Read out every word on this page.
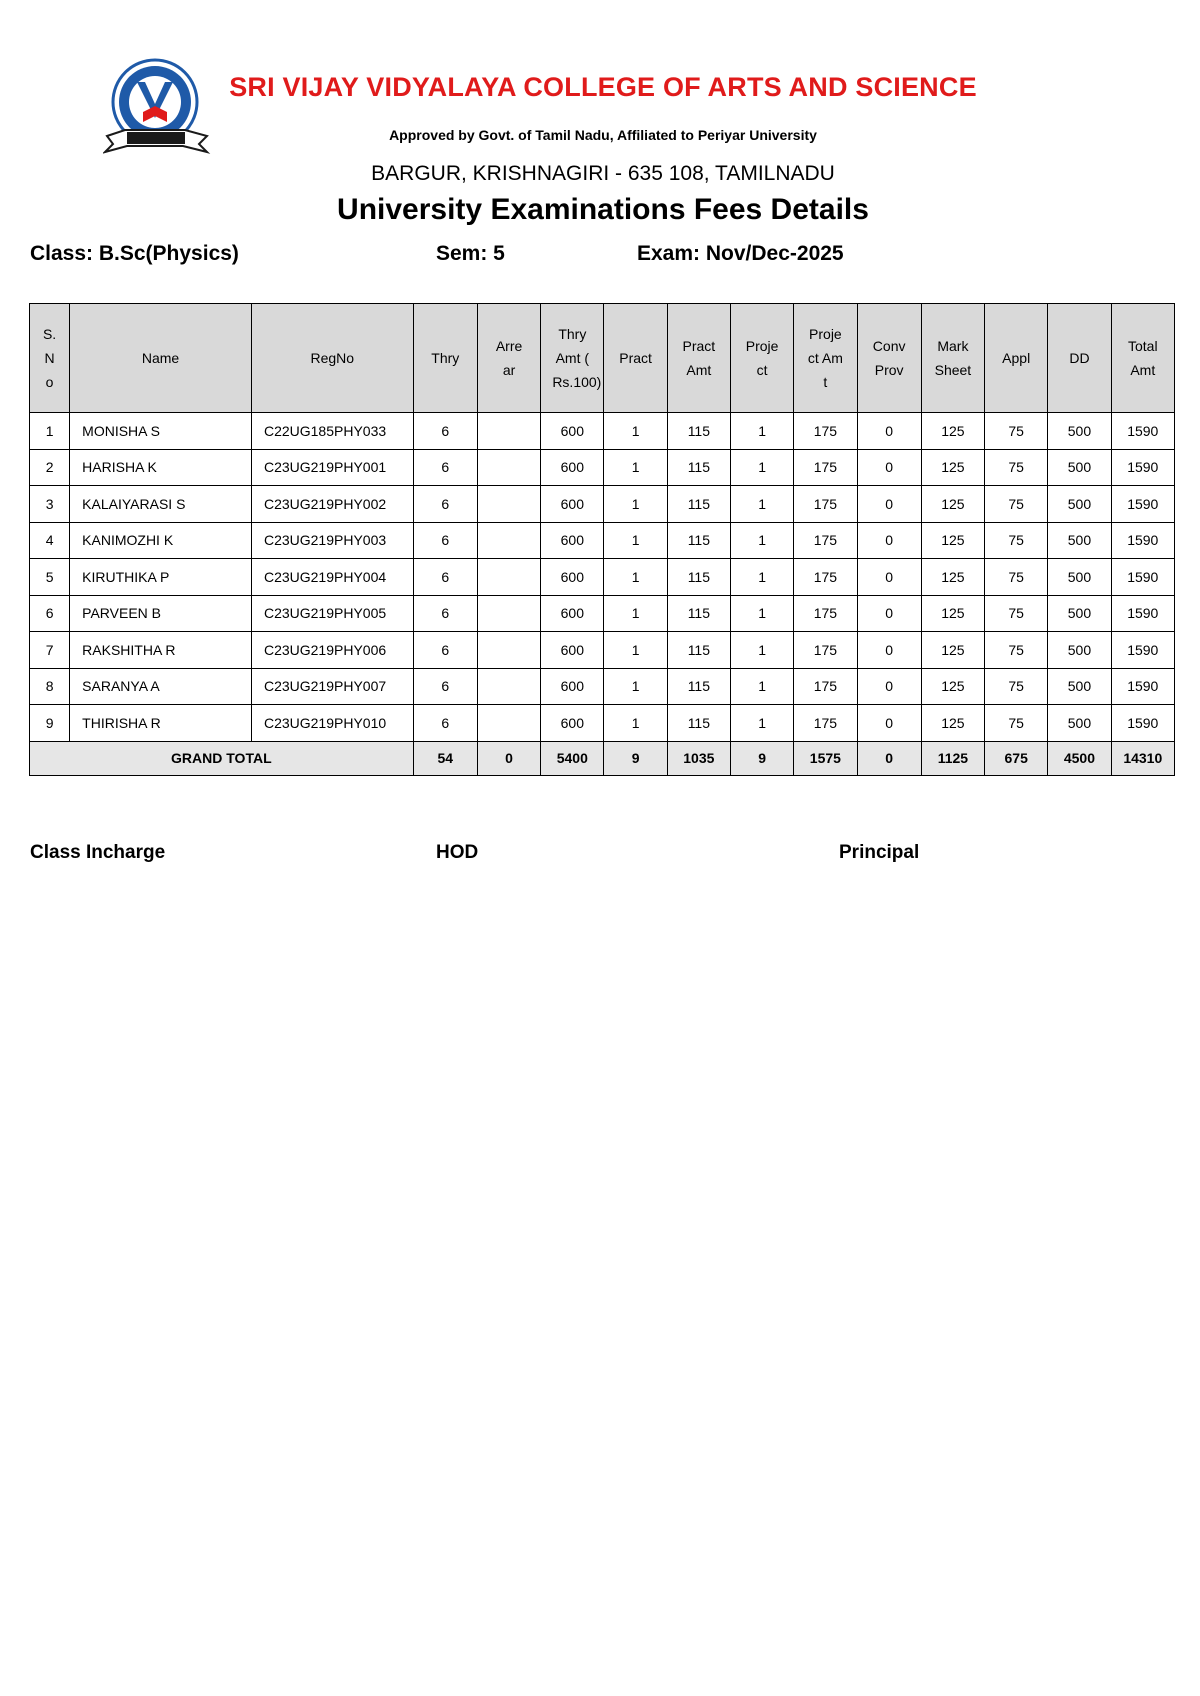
SRI VIJAY VIDYALAYA COLLEGE OF ARTS AND SCIENCE
Approved by Govt. of Tamil Nadu, Affiliated to Periyar University
BARGUR, KRISHNAGIRI - 635 108, TAMILNADU
University Examinations Fees Details
Class: B.Sc(Physics)	Sem: 5	Exam: Nov/Dec-2025
S.No	Name	RegNo	Thry	Arrear	Thry Amt ( Rs.100)	Pract	Pract Amt	Project	Project Amt	Conv Prov	Mark Sheet	Appl	DD	Total Amt

1	MONISHA S	C22UG185PHY033	6		600	1	115	1	175	0	125	75	500	1590
2	HARISHA K	C23UG219PHY001	6		600	1	115	1	175	0	125	75	500	1590
3	KALAIYARASI S	C23UG219PHY002	6		600	1	115	1	175	0	125	75	500	1590
4	KANIMOZHI K	C23UG219PHY003	6		600	1	115	1	175	0	125	75	500	1590
5	KIRUTHIKA P	C23UG219PHY004	6		600	1	115	1	175	0	125	75	500	1590
6	PARVEEN B	C23UG219PHY005	6		600	1	115	1	175	0	125	75	500	1590
7	RAKSHITHA R	C23UG219PHY006	6		600	1	115	1	175	0	125	75	500	1590
8	SARANYA A	C23UG219PHY007	6		600	1	115	1	175	0	125	75	500	1590
9	THIRISHA R	C23UG219PHY010	6		600	1	115	1	175	0	125	75	500	1590
GRAND TOTAL			54	0	5400	9	1035	9	1575	0	1125	675	4500	14310
Class Incharge	HOD	Principal
